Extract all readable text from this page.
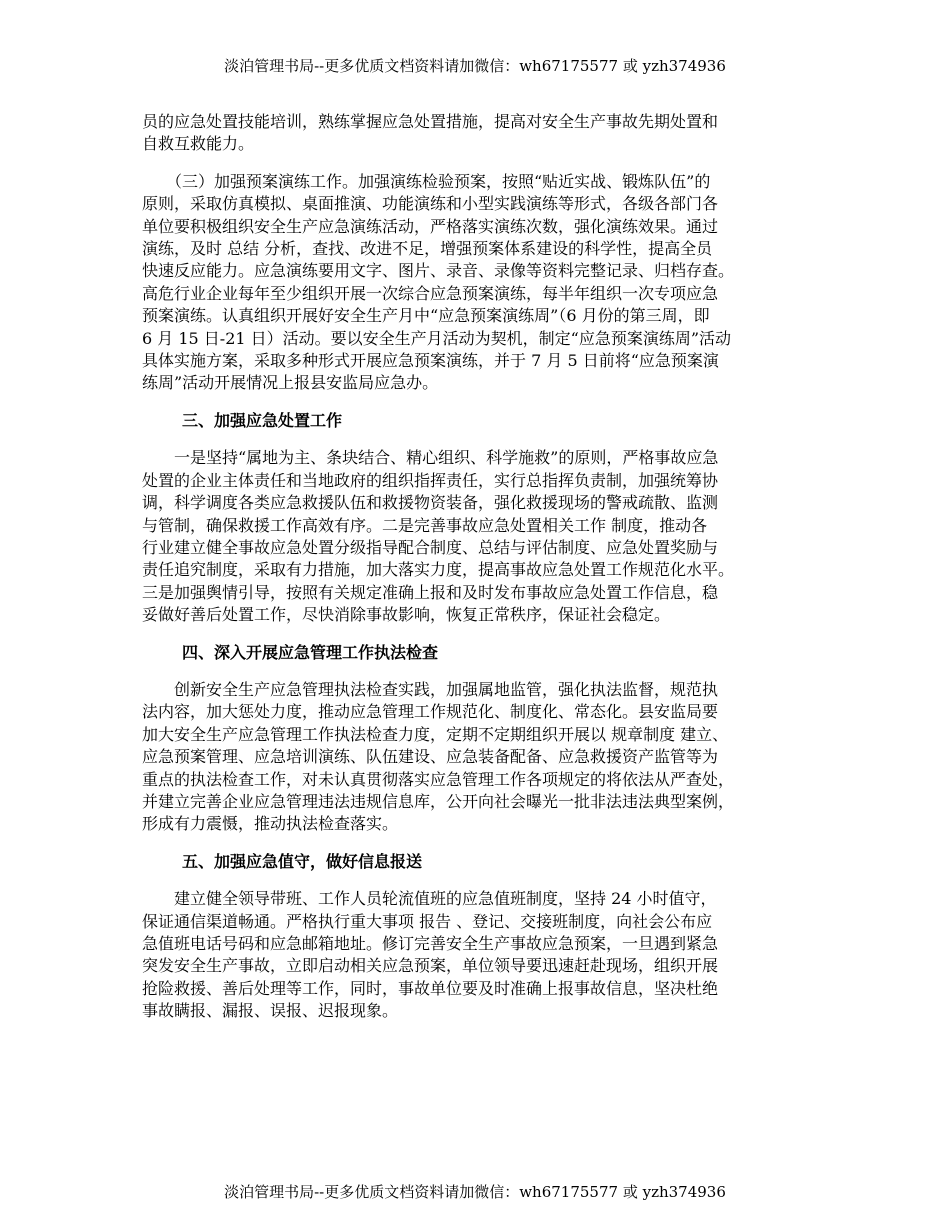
淡泊管理书局--更多优质文档资料请加微信：wh67175577 或 yzh374936
员的应急处置技能培训，熟练掌握应急处置措施，提高对安全生产事故先期处置和
自救互救能力。
　　（三）加强预案演练工作。加强演练检验预案，按照“贴近实战、锻炼队伍”的
原则，采取仿真模拟、桌面推演、功能演练和小型实践演练等形式，各级各部门各
单位要积极组织安全生产应急演练活动，严格落实演练次数，强化演练效果。通过
演练，及时 总结 分析，查找、改进不足，增强预案体系建设的科学性，提高全员
快速反应能力。应急演练要用文字、图片、录音、录像等资料完整记录、归档存查。
高危行业企业每年至少组织开展一次综合应急预案演练，每半年组织一次专项应急
预案演练。认真组织开展好安全生产月中“应急预案演练周”（6 月份的第三周，即
6 月 15 日-21 日）活动。要以安全生产月活动为契机，制定“应急预案演练周”活动
具体实施方案，采取多种形式开展应急预案演练，并于 7 月 5 日前将“应急预案演
练周”活动开展情况上报县安监局应急办。
三、加强应急处置工作
　　一是坚持“属地为主、条块结合、精心组织、科学施救”的原则，严格事故应急
处置的企业主体责任和当地政府的组织指挥责任，实行总指挥负责制，加强统筹协
调，科学调度各类应急救援队伍和救援物资装备，强化救援现场的警戒疏散、监测
与管制，确保救援工作高效有序。二是完善事故应急处置相关工作 制度，推动各
行业建立健全事故应急处置分级指导配合制度、总结与评估制度、应急处置奖励与
责任追究制度，采取有力措施，加大落实力度，提高事故应急处置工作规范化水平。
三是加强舆情引导，按照有关规定准确上报和及时发布事故应急处置工作信息，稳
妥做好善后处置工作，尽快消除事故影响，恢复正常秩序，保证社会稳定。
四、深入开展应急管理工作执法检查
　　创新安全生产应急管理执法检查实践，加强属地监管，强化执法监督，规范执
法内容，加大惩处力度，推动应急管理工作规范化、制度化、常态化。县安监局要
加大安全生产应急管理工作执法检查力度，定期不定期组织开展以 规章制度 建立、
应急预案管理、应急培训演练、队伍建设、应急装备配备、应急救援资产监管等为
重点的执法检查工作，对未认真贯彻落实应急管理工作各项规定的将依法从严查处，
并建立完善企业应急管理违法违规信息库，公开向社会曝光一批非法违法典型案例，
形成有力震慑，推动执法检查落实。
五、加强应急值守，做好信息报送
　　建立健全领导带班、工作人员轮流值班的应急值班制度，坚持 24 小时值守，
保证通信渠道畅通。严格执行重大事项 报告 、登记、交接班制度，向社会公布应
急值班电话号码和应急邮箱地址。修订完善安全生产事故应急预案，一旦遇到紧急
突发安全生产事故，立即启动相关应急预案，单位领导要迅速赶赴现场，组织开展
抢险救援、善后处理等工作，同时，事故单位要及时准确上报事故信息，坚决杜绝
事故瞒报、漏报、误报、迟报现象。
淡泊管理书局--更多优质文档资料请加微信：wh67175577 或 yzh374936
